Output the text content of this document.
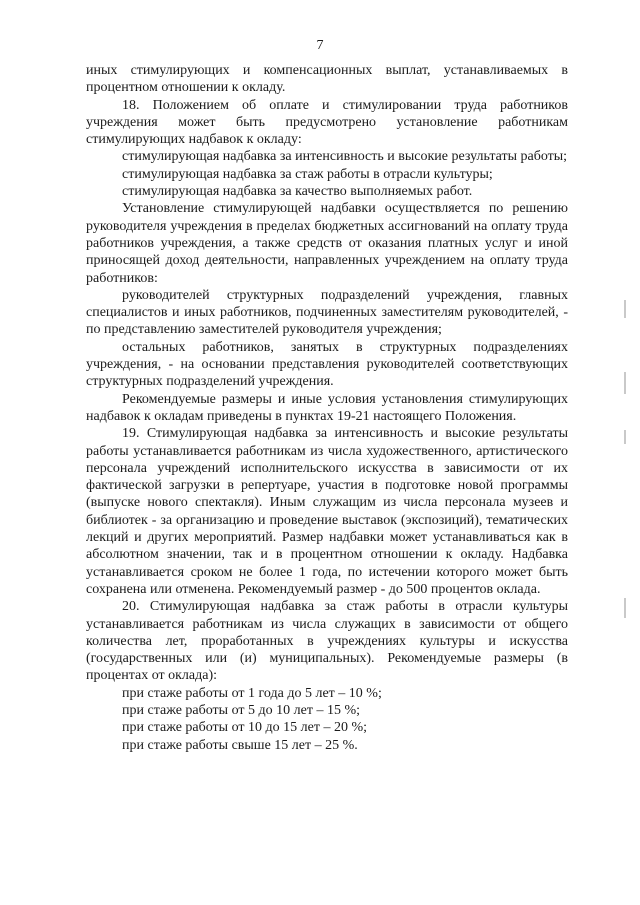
7

иных стимулирующих и компенсационных выплат, устанавливаемых в процентном отношении к окладу.

18. Положением об оплате и стимулировании труда работников учреждения может быть предусмотрено установление работникам стимулирующих надбавок к окладу:

стимулирующая надбавка за интенсивность и высокие результаты работы;

стимулирующая надбавка за стаж работы в отрасли культуры;

стимулирующая надбавка за качество выполняемых работ.

Установление стимулирующей надбавки осуществляется по решению руководителя учреждения в пределах бюджетных ассигнований на оплату труда работников учреждения, а также средств от оказания платных услуг и иной приносящей доход деятельности, направленных учреждением на оплату труда работников:

руководителей структурных подразделений учреждения, главных специалистов и иных работников, подчиненных заместителям руководителей, - по представлению заместителей руководителя учреждения;

остальных работников, занятых в структурных подразделениях учреждения, - на основании представления руководителей соответствующих структурных подразделений учреждения.

Рекомендуемые размеры и иные условия установления стимулирующих надбавок к окладам приведены в пунктах 19-21 настоящего Положения.

19. Стимулирующая надбавка за интенсивность и высокие результаты работы устанавливается работникам из числа художественного, артистического персонала учреждений исполнительского искусства в зависимости от их фактической загрузки в репертуаре, участия в подготовке новой программы (выпуске нового спектакля). Иным служащим из числа персонала музеев и библиотек - за организацию и проведение выставок (экспозиций), тематических лекций и других мероприятий. Размер надбавки может устанавливаться как в абсолютном значении, так и в процентном отношении к окладу. Надбавка устанавливается сроком не более 1 года, по истечении которого может быть сохранена или отменена. Рекомендуемый размер - до 500 процентов оклада.

20. Стимулирующая надбавка за стаж работы в отрасли культуры устанавливается работникам из числа служащих в зависимости от общего количества лет, проработанных в учреждениях культуры и искусства (государственных или (и) муниципальных). Рекомендуемые размеры (в процентах от оклада):

при стаже работы от 1 года до 5 лет – 10 %;

при стаже работы от 5 до 10 лет – 15 %;

при стаже работы от 10 до 15 лет – 20 %;

при стаже работы свыше 15 лет – 25 %.
